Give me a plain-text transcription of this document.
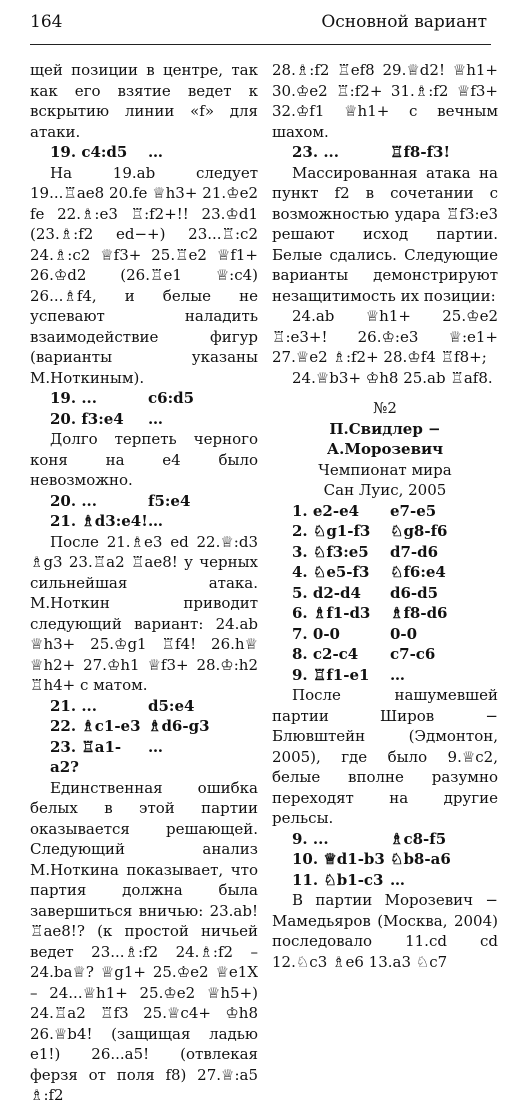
164	Основной вариант

щей позиции в центре, так как его взятие ведет к вскрытию линии «f» для атаки.

19. c4:d5	…

На 19.ab следует 19...♖ae8 20.fe ♕h3+ 21.♔e2 fe 22.♗:e3 ♖:f2+!! 23.♔d1 (23.♗:f2 ed−+) 23...♖:c2 24.♗:c2 ♕f3+ 25.♖e2 ♕f1+ 26.♔d2 (26.♖e1 ♕:c4) 26...♗f4, и белые не успевают наладить взаимодействие фигур (варианты указаны М.Ноткиным).

19. ...	c6:d5
20. f3:e4	…

Долго терпеть черного коня на e4 было невозможно.

20. ...	f5:e4
21. ♗d3:e4! …

После 21.♗e3 ed 22.♕:d3 ♗g3 23.♖a2 ♖ae8! у черных сильнейшая атака. М.Ноткин приводит следующий вариант: 24.ab ♕h3+ 25.♔g1 ♖f4! 26.h♕ ♕h2+ 27.♔h1 ♕f3+ 28.♔:h2 ♖h4+ с матом.

21. ...	d5:e4
22. ♗c1-e3 ♗d6-g3
23. ♖a1-a2?
…

Единственная ошибка белых в этой партии оказывается решающей. Следующий анализ М.Ноткина показывает, что партия должна была завершиться вничью: 23.ab! ♖ae8!? (к простой ничьей ведет 23...♗:f2 24.♗:f2 – 24.ba♕? ♕g1+ 25.♔e2 ♕e1X – 24...♕h1+ 25.♔e2 ♕h5+) 24.♖a2 ♖f3 25.♕c4+ ♔h8 26.♕b4! (защищая ладью e1!) 26...a5! (отвлекая ферзя от поля f8) 27.♕:a5 ♗:f2

28.♗:f2 ♖ef8 29.♕d2! ♕h1+ 30.♔e2 ♖:f2+ 31.♗:f2 ♕f3+ 32.♔f1 ♕h1+ с вечным шахом.

23. ...	♖f8-f3!

Массированная атака на пункт f2 в сочетании с возможностью удара ♖f3:e3 решают исход партии. Белые сдались. Следующие варианты демонстрируют незащитимость их позиции:

24.ab ♕h1+ 25.♔e2 ♖:e3+! 26.♔:e3 ♕:e1+ 27.♕e2 ♗:f2+ 28.♔f4 ♖f8+;

24.♕b3+ ♔h8 25.ab ♖af8.

№2
П.Свидлер − А.Морозевич
Чемпионат мира
Сан Луис, 2005
1. e2-e4	e7-e5
2. ♘g1-f3	♘g8-f6
3. ♘f3:e5	d7-d6
4. ♘e5-f3	♘f6:e4
5. d2-d4	d6-d5
6. ♗f1-d3	♗f8-d6
7. 0-0	0-0
8. c2-c4	c7-c6
9. ♖f1-e1	…

После нашумевшей партии Широв − Блювштейн (Эдмонтон, 2005), где было 9.♕c2, белые вполне разумно переходят на другие рельсы.

9. ...	♗c8-f5
10. ♕d1-b3 ♘b8-a6
11. ♘b1-c3 …

В партии Морозевич − Мамедьяров (Москва, 2004) последовало 11.cd cd 12.♘c3 ♗e6 13.a3 ♘c7
